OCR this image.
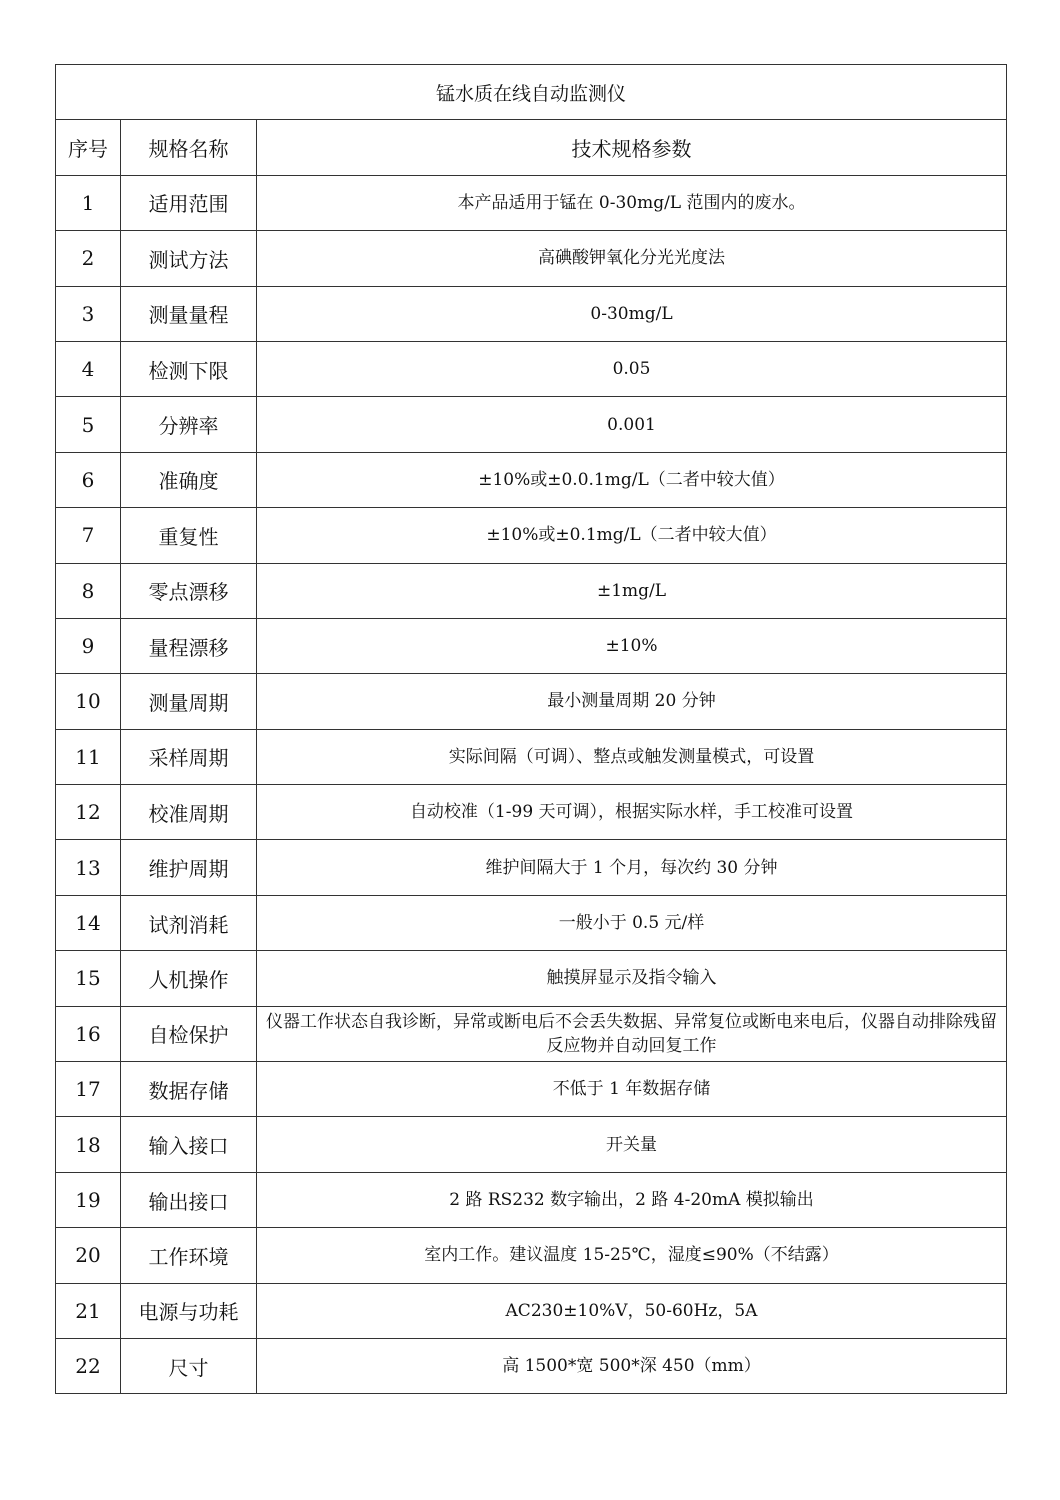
锰水质在线自动监测仪		
序号	规格名称	技术规格参数
1	适用范围	本产品适用于锰在 0-30mg/L 范围内的废水。
2	测试方法	高碘酸钾氧化分光光度法
3	测量量程	0-30mg/L
4	检测下限	0.05
5	分辨率	0.001
6	准确度	±10%或±0.0.1mg/L（二者中较大值）
7	重复性	±10%或±0.1mg/L（二者中较大值）
8	零点漂移	±1mg/L
9	量程漂移	±10%
10	测量周期	最小测量周期 20 分钟
11	采样周期	实际间隔（可调）、整点或触发测量模式，可设置
12	校准周期	自动校准（1-99 天可调），根据实际水样，手工校准可设置
13	维护周期	维护间隔大于 1 个月，每次约 30 分钟
14	试剂消耗	一般小于 0.5 元/样
15	人机操作	触摸屏显示及指令输入
16	自检保护	仪器工作状态自我诊断，异常或断电后不会丢失数据、异常复位或断电来电后，仪器自动排除残留反应物并自动回复工作
17	数据存储	不低于 1 年数据存储
18	输入接口	开关量
19	输出接口	2 路 RS232 数字输出，2 路 4-20mA 模拟输出
20	工作环境	室内工作。建议温度 15-25℃，湿度≤90%（不结露）
21	电源与功耗	AC230±10%V，50-60Hz，5A
22	尺寸	高 1500*宽 500*深 450（mm）
